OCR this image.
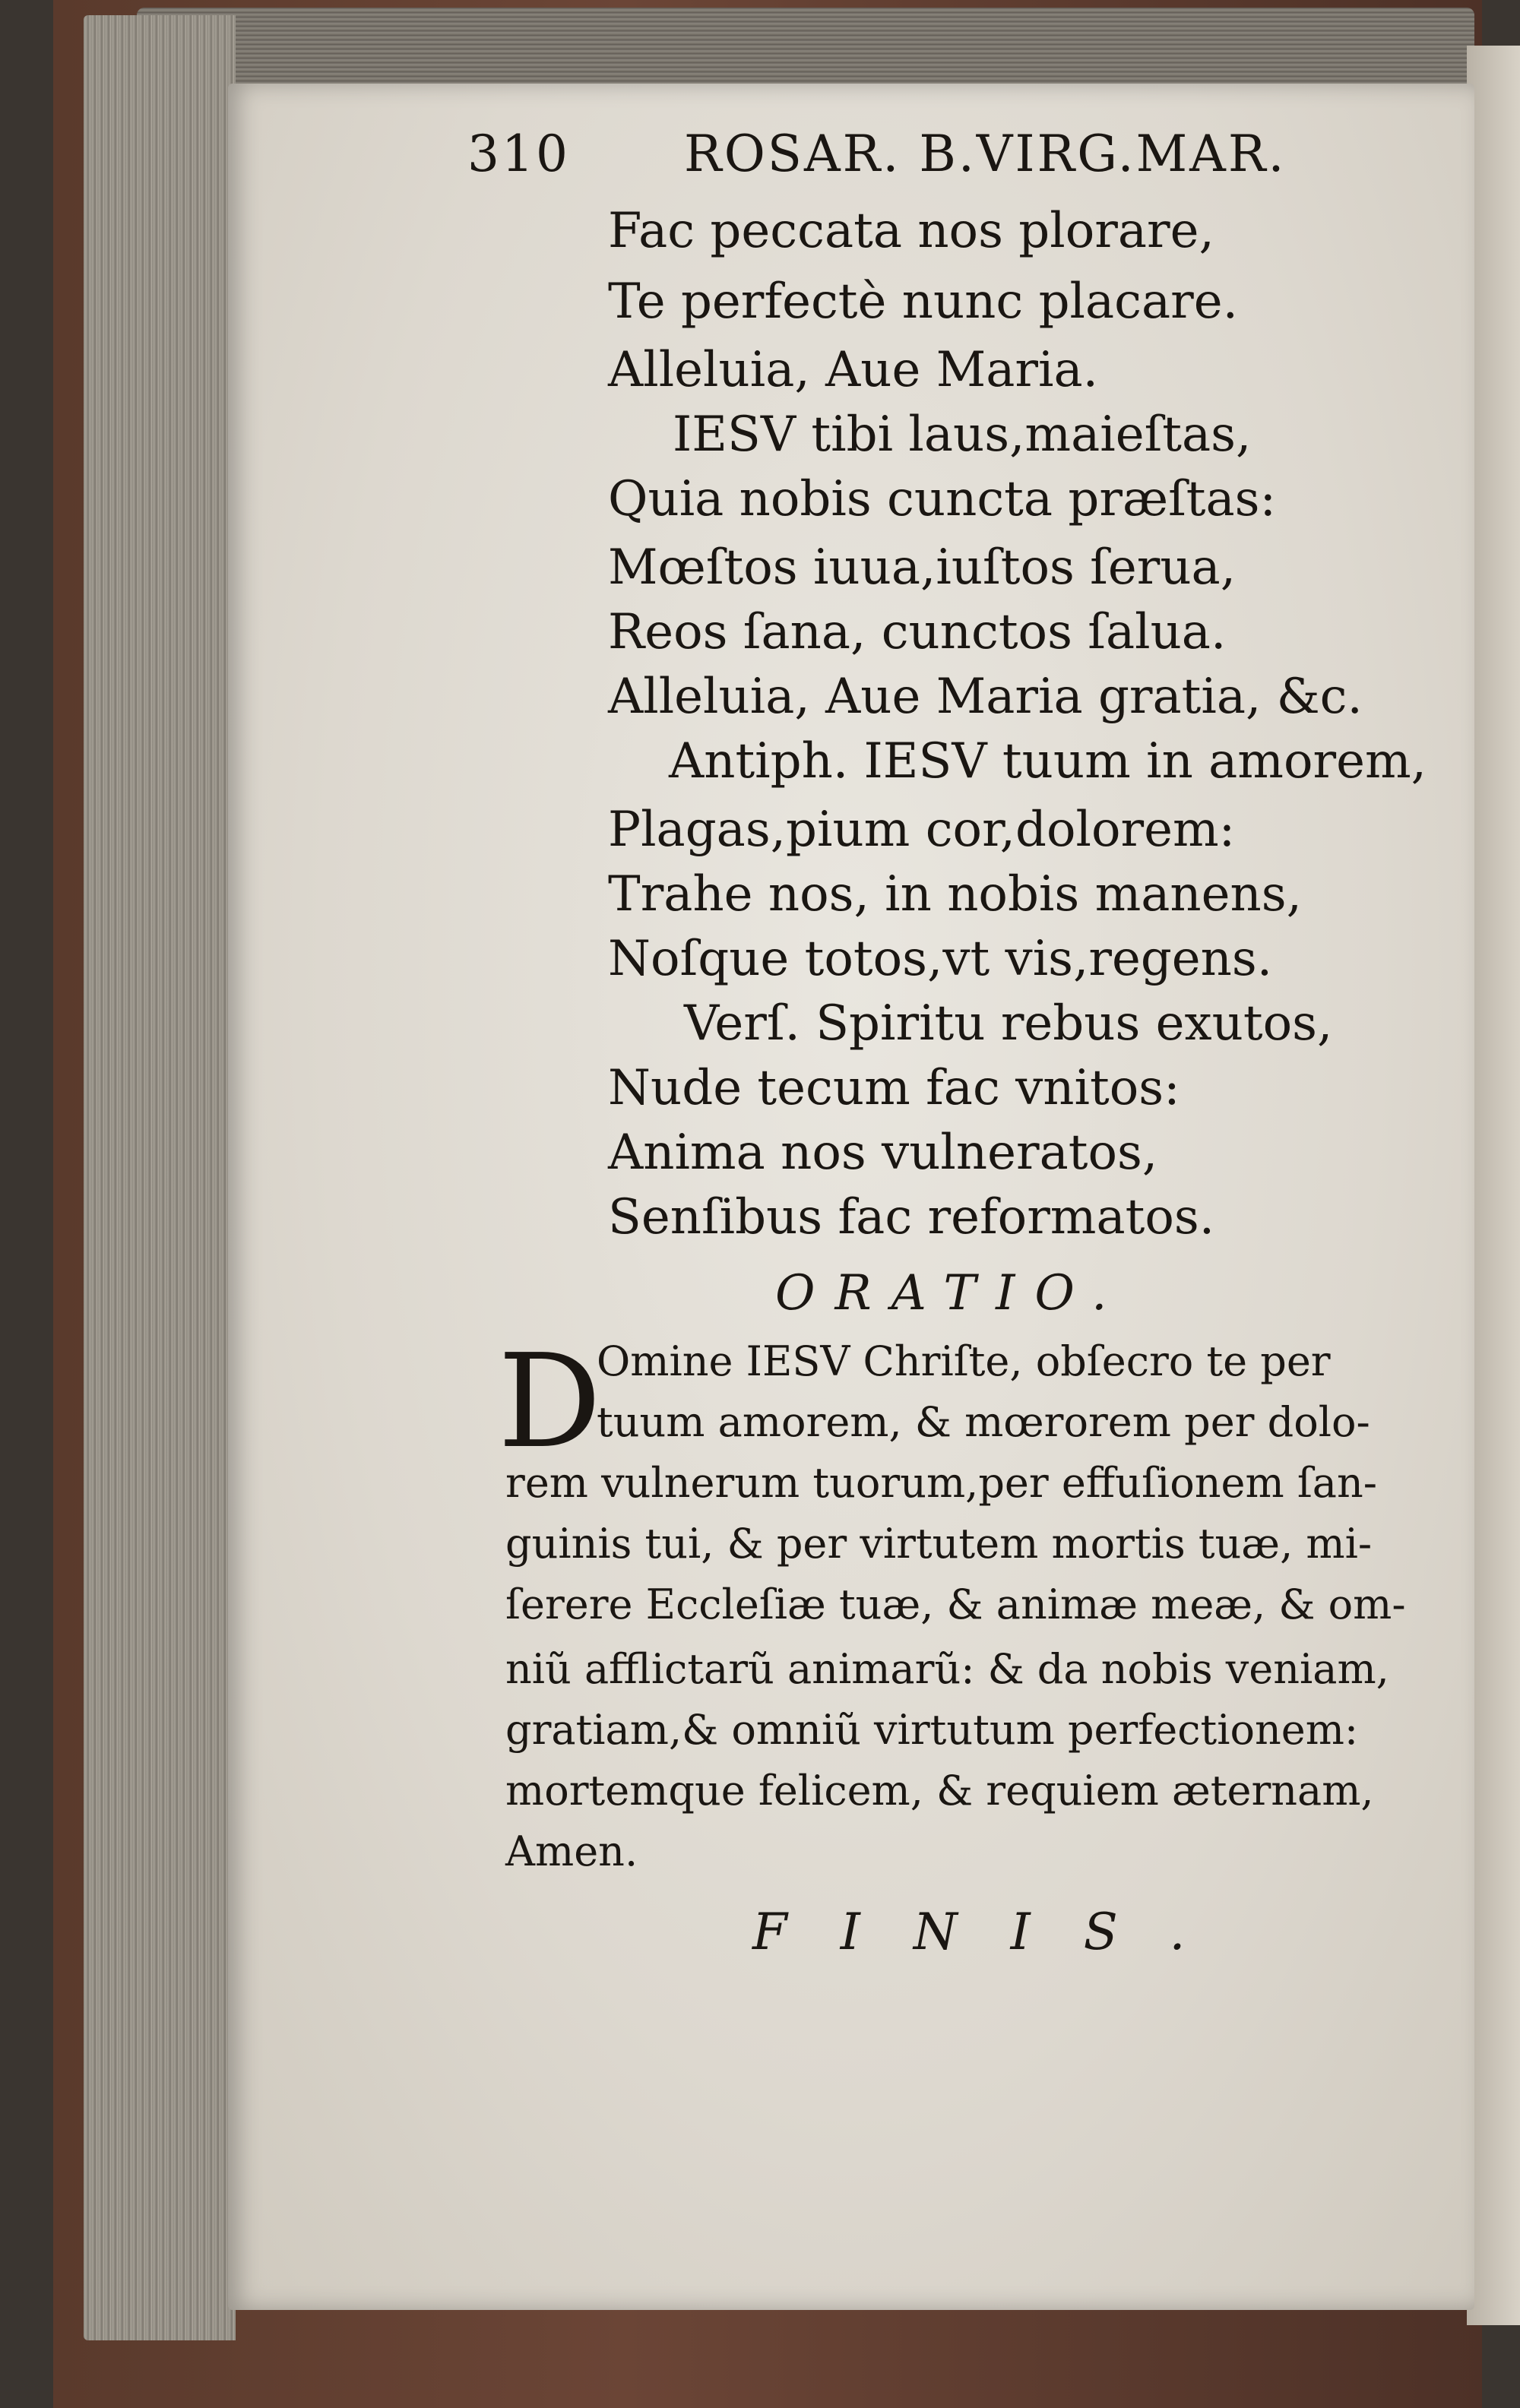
310 ROSAR. B.VIRG.MAR.
Fac peccata nos plorare,
Te perfectè nunc placare.
Alleluia, Aue Maria.
IESV tibi laus,maieſtas,
Quia nobis cuncta præſtas:
Mœſtos iuua,iuſtos ſerua,
Reos ſana, cunctos ſalua.
Alleluia, Aue Maria gratia, &c.
Antiph. IESV tuum in amorem,
Plagas,pium cor,dolorem:
Trahe nos, in nobis manens,
Noſque totos,vt vis,regens.
Verſ. Spiritu rebus exutos,
Nude tecum fac vnitos:
Anima nos vulneratos,
Senſibus fac reformatos.
ORATIO.
D
Omine IESV Chriſte, obſecro te per
tuum amorem, & mœrorem per dolo-
rem vulnerum tuorum,per effuſionem ſan-
guinis tui, & per virtutem mortis tuæ, mi-
ſerere Eccleſiæ tuæ, & animæ meæ, & om-
niũ afflictarũ animarũ: & da nobis veniam,
gratiam,& omniũ virtutum perfectionem:
mortemque felicem, & requiem æternam,
Amen.
FINIS.
